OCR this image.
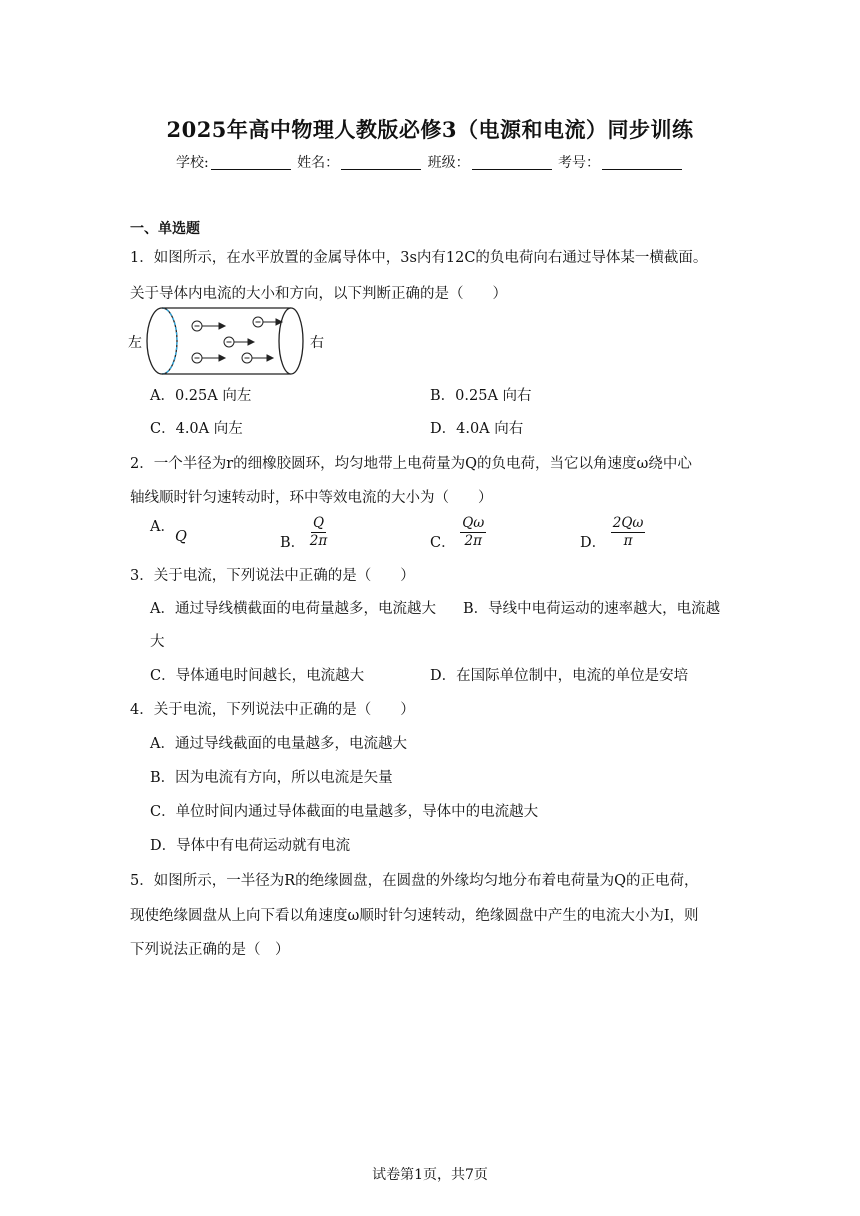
2025年高中物理人教版必修3（电源和电流）同步训练
学校:	姓名：	班级：	考号：
一、单选题
1．如图所示，在水平放置的金属导体中，3s内有12C的负电荷向右通过导体某一横截面。
关于导体内电流的大小和方向，以下判断正确的是（　　）
左	右
A．0.25A 向左	B．0.25A 向右
C．4.0A 向左	D．4.0A 向右
2．一个半径为r的细橡胶圆环，均匀地带上电荷量为Q的负电荷，当它以角速度ω绕中心
轴线顺时针匀速转动时，环中等效电流的大小为（　　）
A．Q	B． $\frac{Q}{2\pi}$	C． $\frac{Q\omega}{2\pi}$	D． $\frac{2Q\omega}{\pi}$
3．关于电流，下列说法中正确的是（　　）
A．通过导线横截面的电荷量越多，电流越大 B．导线中电荷运动的速率越大，电流越
大
C．导体通电时间越长，电流越大	D．在国际单位制中，电流的单位是安培
4．关于电流，下列说法中正确的是（　　）
A．通过导线截面的电量越多，电流越大
B．因为电流有方向，所以电流是矢量
C．单位时间内通过导体截面的电量越多，导体中的电流越大
D．导体中有电荷运动就有电流
5．如图所示，一半径为R的绝缘圆盘，在圆盘的外缘均匀地分布着电荷量为Q的正电荷，
现使绝缘圆盘从上向下看以角速度ω顺时针匀速转动，绝缘圆盘中产生的电流大小为I，则
下列说法正确的是（　）
试卷第1页，共7页
